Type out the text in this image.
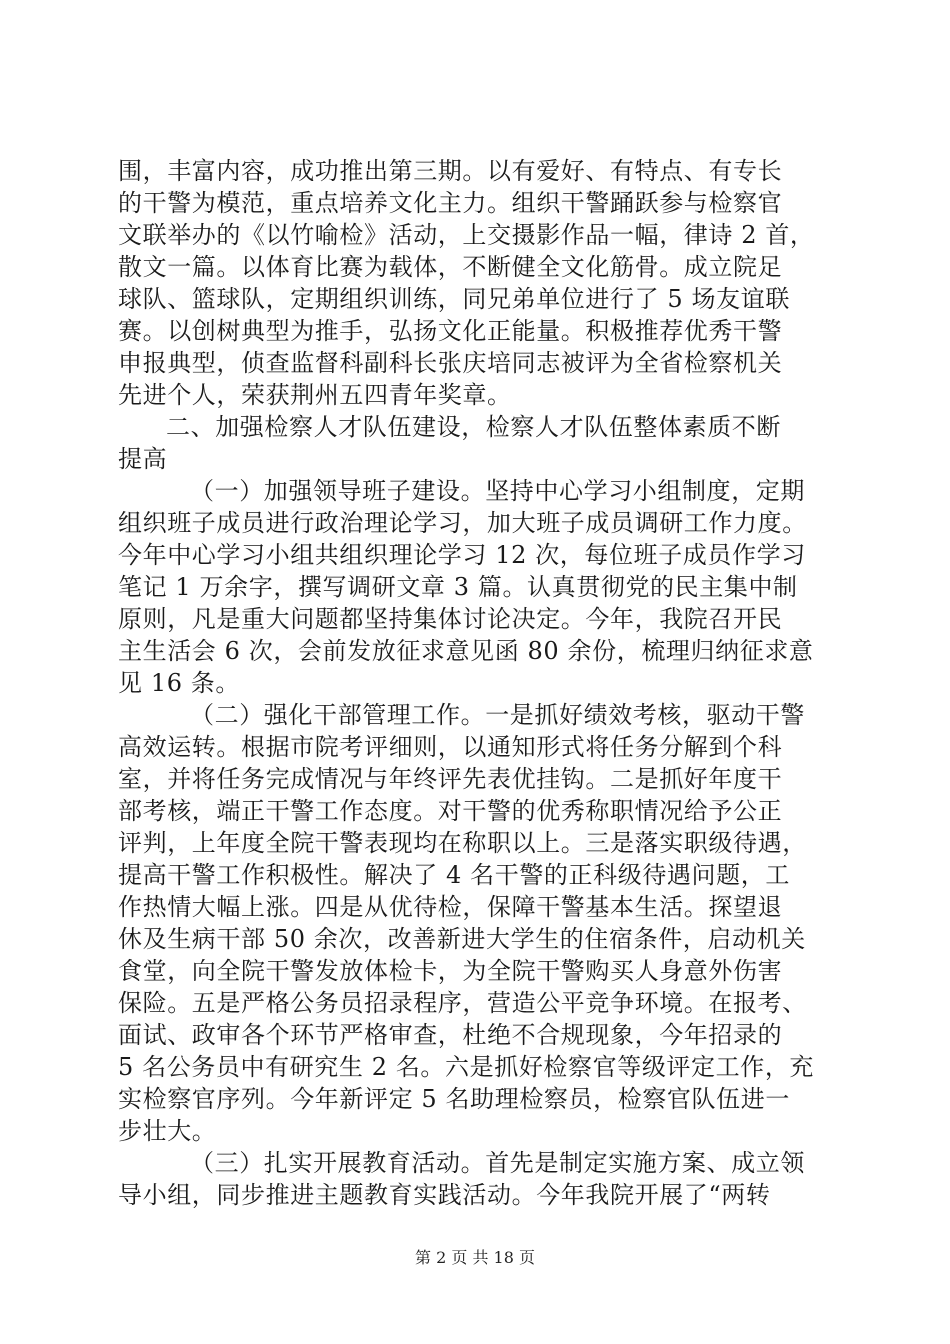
围，丰富内容，成功推出第三期。以有爱好、有特点、有专长
的干警为模范，重点培养文化主力。组织干警踊跃参与检察官
文联举办的《以竹喻检》活动，上交摄影作品一幅，律诗 2 首，
散文一篇。以体育比赛为载体，不断健全文化筋骨。成立院足
球队、篮球队，定期组织训练，同兄弟单位进行了 5 场友谊联
赛。以创树典型为推手，弘扬文化正能量。积极推荐优秀干警
申报典型，侦查监督科副科长张庆培同志被评为全省检察机关
先进个人，荣获荆州五四青年奖章。
二、加强检察人才队伍建设，检察人才队伍整体素质不断
提高
（一）加强领导班子建设。坚持中心学习小组制度，定期
组织班子成员进行政治理论学习，加大班子成员调研工作力度。
今年中心学习小组共组织理论学习 12 次，每位班子成员作学习
笔记 1 万余字，撰写调研文章 3 篇。认真贯彻党的民主集中制
原则，凡是重大问题都坚持集体讨论决定。今年，我院召开民
主生活会 6 次，会前发放征求意见函 80 余份，梳理归纳征求意
见 16 条。
（二）强化干部管理工作。一是抓好绩效考核，驱动干警
高效运转。根据市院考评细则，以通知形式将任务分解到个科
室，并将任务完成情况与年终评先表优挂钩。二是抓好年度干
部考核，端正干警工作态度。对干警的优秀称职情况给予公正
评判，上年度全院干警表现均在称职以上。三是落实职级待遇，
提高干警工作积极性。解决了 4 名干警的正科级待遇问题，工
作热情大幅上涨。四是从优待检，保障干警基本生活。探望退
休及生病干部 50 余次，改善新进大学生的住宿条件，启动机关
食堂，向全院干警发放体检卡，为全院干警购买人身意外伤害
保险。五是严格公务员招录程序，营造公平竞争环境。在报考、
面试、政审各个环节严格审查，杜绝不合规现象，今年招录的
5 名公务员中有研究生 2 名。六是抓好检察官等级评定工作，充
实检察官序列。今年新评定 5 名助理检察员，检察官队伍进一
步壮大。
（三）扎实开展教育活动。首先是制定实施方案、成立领
导小组，同步推进主题教育实践活动。今年我院开展了“两转
第 2 页 共 18 页
